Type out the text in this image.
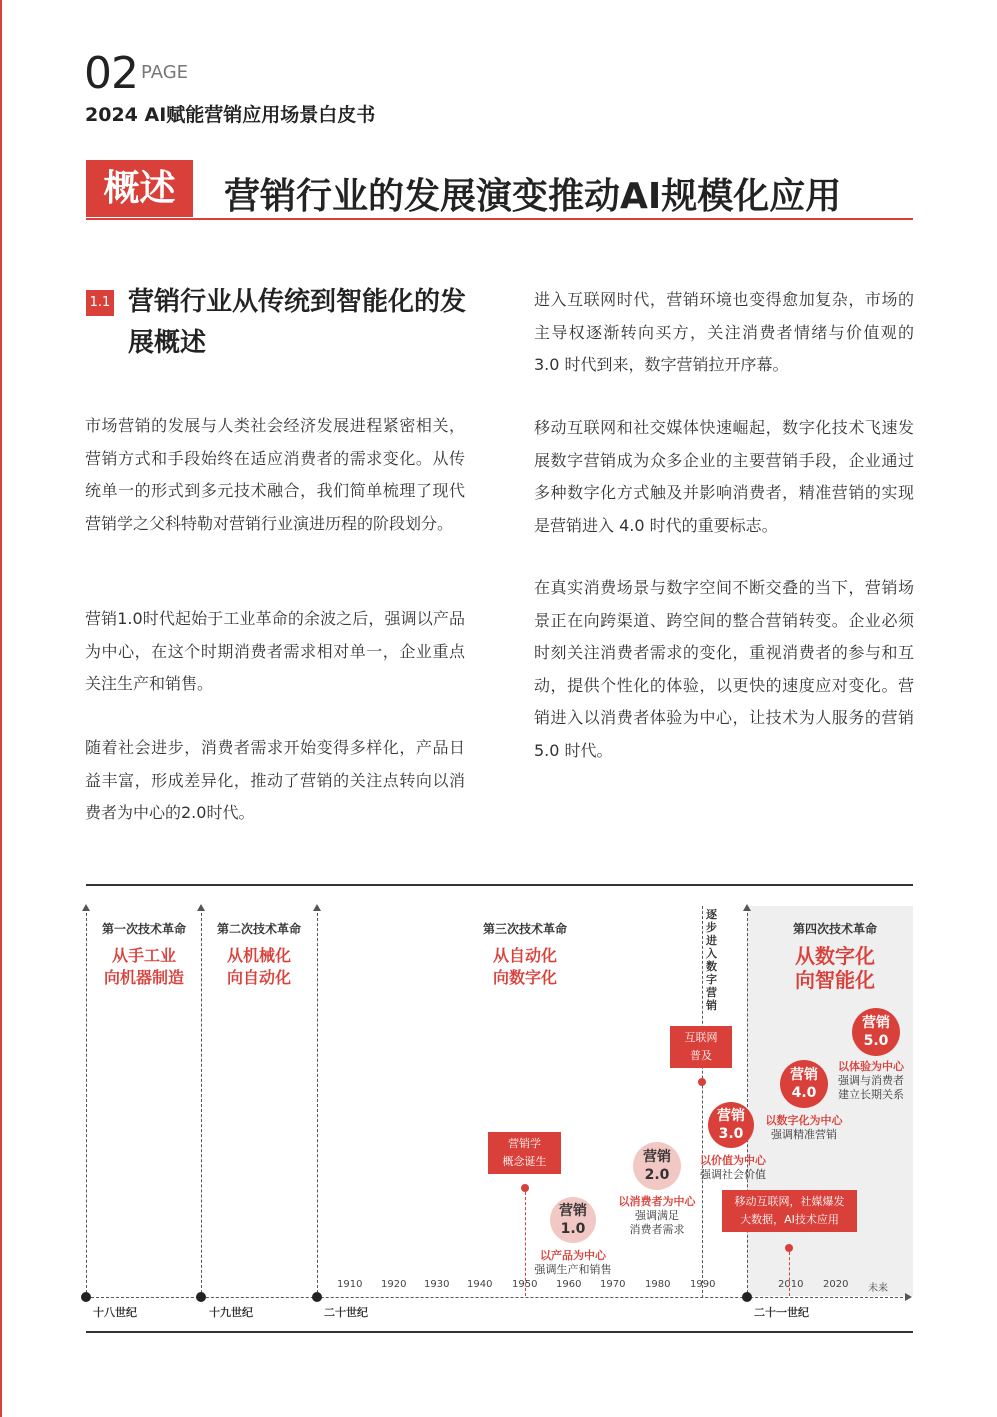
02 PAGE
2024 AI赋能营销应用场景白皮书
概述	营销行业的发展演变推动AI规模化应用
1.1 营销行业从传统到智能化的发展概述
市场营销的发展与人类社会经济发展进程紧密相关，营销方式和手段始终在适应消费者的需求变化。从传统单一的形式到多元技术融合，我们简单梳理了现代营销学之父科特勒对营销行业演进历程的阶段划分。
营销1.0时代起始于工业革命的余波之后，强调以产品为中心，在这个时期消费者需求相对单一，企业重点关注生产和销售。
随着社会进步，消费者需求开始变得多样化，产品日益丰富，形成差异化，推动了营销的关注点转向以消费者为中心的2.0时代。
进入互联网时代，营销环境也变得愈加复杂，市场的主导权逐渐转向买方，关注消费者情绪与价值观的 3.0 时代到来，数字营销拉开序幕。
移动互联网和社交媒体快速崛起，数字化技术飞速发展数字营销成为众多企业的主要营销手段，企业通过多种数字化方式触及并影响消费者，精准营销的实现是营销进入 4.0 时代的重要标志。
在真实消费场景与数字空间不断交叠的当下，营销场景正在向跨渠道、跨空间的整合营销转变。企业必须时刻关注消费者需求的变化，重视消费者的参与和互动，提供个性化的体验，以更快的速度应对变化。营销进入以消费者体验为中心，让技术为人服务的营销 5.0 时代。
第一次技术革命
从手工业
向机器制造
第二次技术革命
从机械化
向自动化
第三次技术革命
从自动化
向数字化
第四次技术革命
从数字化
向智能化
逐步进入数字营销
十八世纪	十九世纪	二十世纪	二十一世纪
1910 1920 1930 1940 1950 1960 1970 1980 1990	2010 2020 未来
营销学
概念诞生
互联网
普及
移动互联网，社媒爆发
大数据，AI技术应用
营销
1.0
以产品为中心
强调生产和销售
营销
2.0
以消费者为中心
强调满足
消费者需求
营销
3.0
以价值为中心
强调社会价值
营销
4.0
以数字化为中心
强调精准营销
营销
5.0
以体验为中心
强调与消费者
建立长期关系
